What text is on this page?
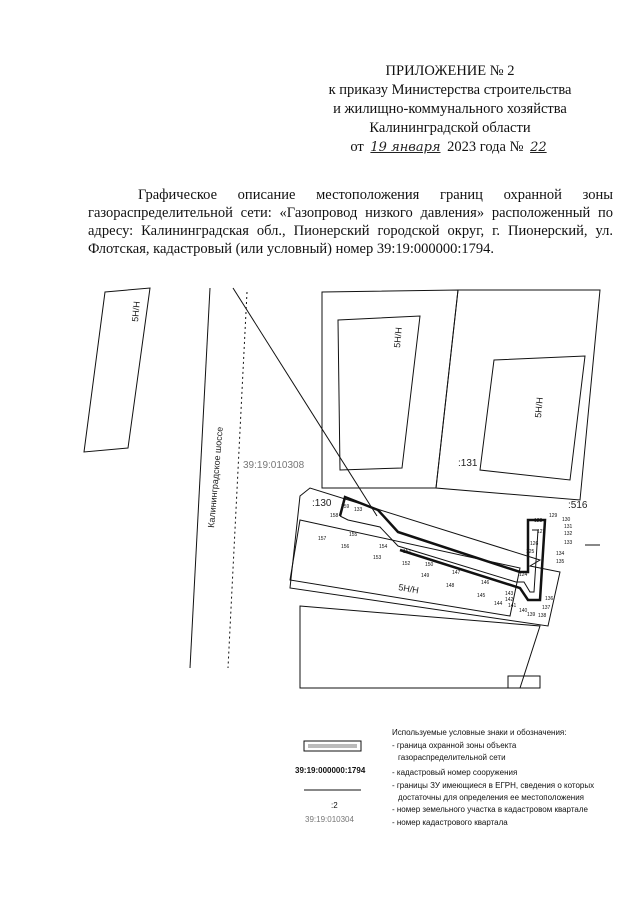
ПРИЛОЖЕНИЕ № 2
к приказу Министерства строительства
и жилищно-коммунального хозяйства
Калининградской области
от 19 января 2023 года № 22
Графическое описание местоположения границ охранной зоны газораспределительной сети: «Газопровод низкого давления» расположенный по адресу: Калининградская обл., Пионерский городской округ, г. Пионерский, ул. Флотская, кадастровый (или условный) номер 39:19:000000:1794.
5Н/Н
5Н/Н
5Н/Н
5Н/Н
Калининградское шоссе 39:19:010308
:130
:131
:516
159 133
158
157
155
156	154
153
151
152	150
149	147
148	146
145	143
144
142
141
140
139
129
130
128
131
127	132
133
126
125	134
135
124
136
137
138
39:19:000000:1794
:2
39:19:010304
Используемые условные знаки и обозначения:
- граница охранной зоны объекта
газораспределительной сети
- кадастровый номер сооружения
- границы ЗУ имеющиеся в ЕГРН, сведения о которых
достаточны для определения ее местоположения
- номер земельного участка в кадастровом квартале
- номер кадастрового квартала
